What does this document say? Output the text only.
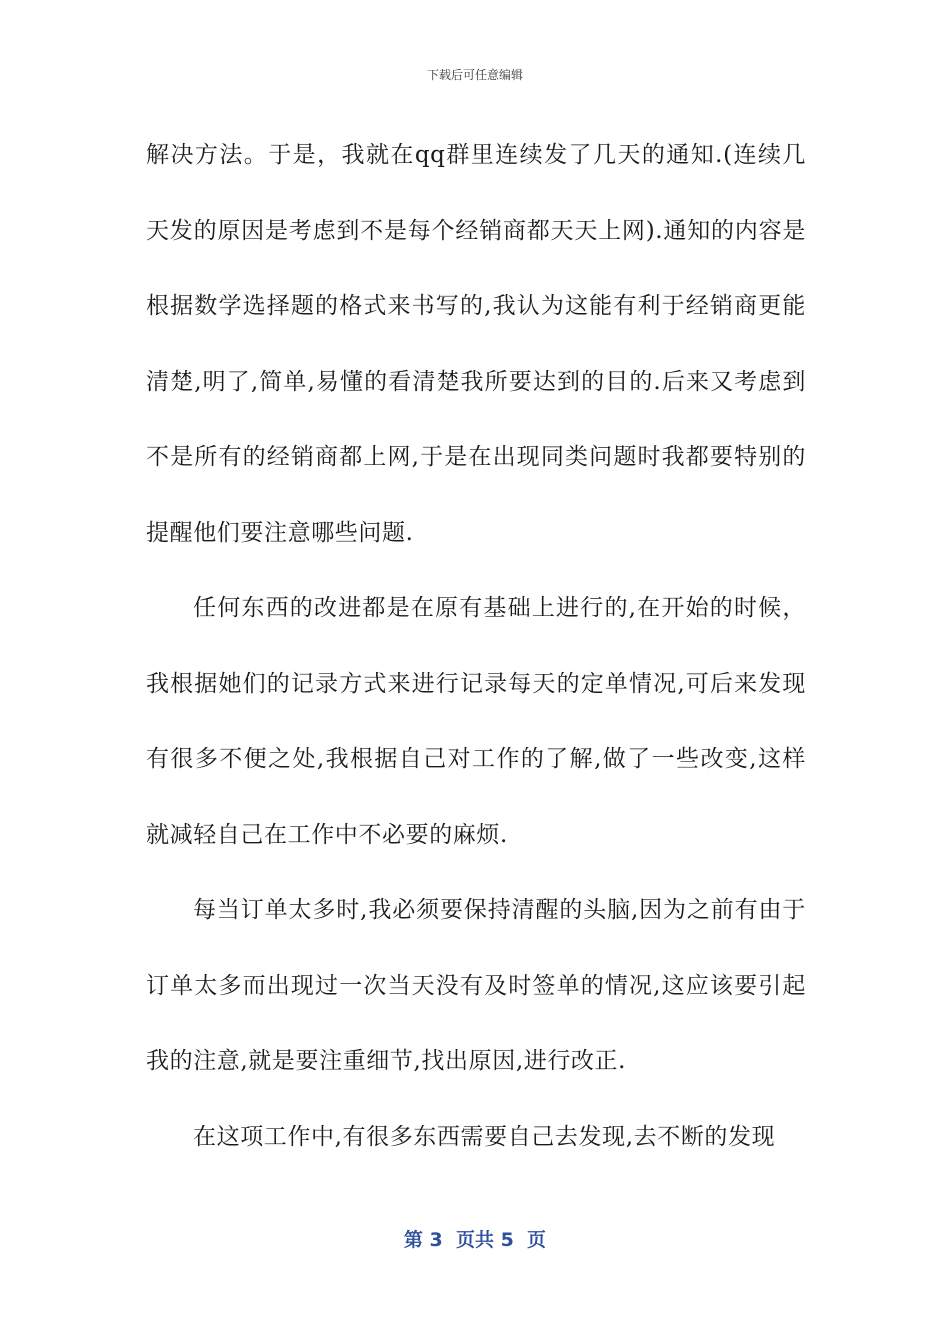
下载后可任意编辑

解决方法。于是，我就在qq群里连续发了几天的通知.(连续几天发的原因是考虑到不是每个经销商都天天上网).通知的内容是根据数学选择题的格式来书写的,我认为这能有利于经销商更能清楚,明了,简单,易懂的看清楚我所要达到的目的.后来又考虑到不是所有的经销商都上网,于是在出现同类问题时我都要特别的提醒他们要注意哪些问题.

任何东西的改进都是在原有基础上进行的,在开始的时候，我根据她们的记录方式来进行记录每天的定单情况,可后来发现有很多不便之处,我根据自己对工作的了解,做了一些改变,这样就减轻自己在工作中不必要的麻烦.

每当订单太多时,我必须要保持清醒的头脑,因为之前有由于订单太多而出现过一次当天没有及时签单的情况,这应该要引起我的注意,就是要注重细节,找出原因,进行改正.

在这项工作中,有很多东西需要自己去发现,去不断的发现

第 3  页共 5  页
